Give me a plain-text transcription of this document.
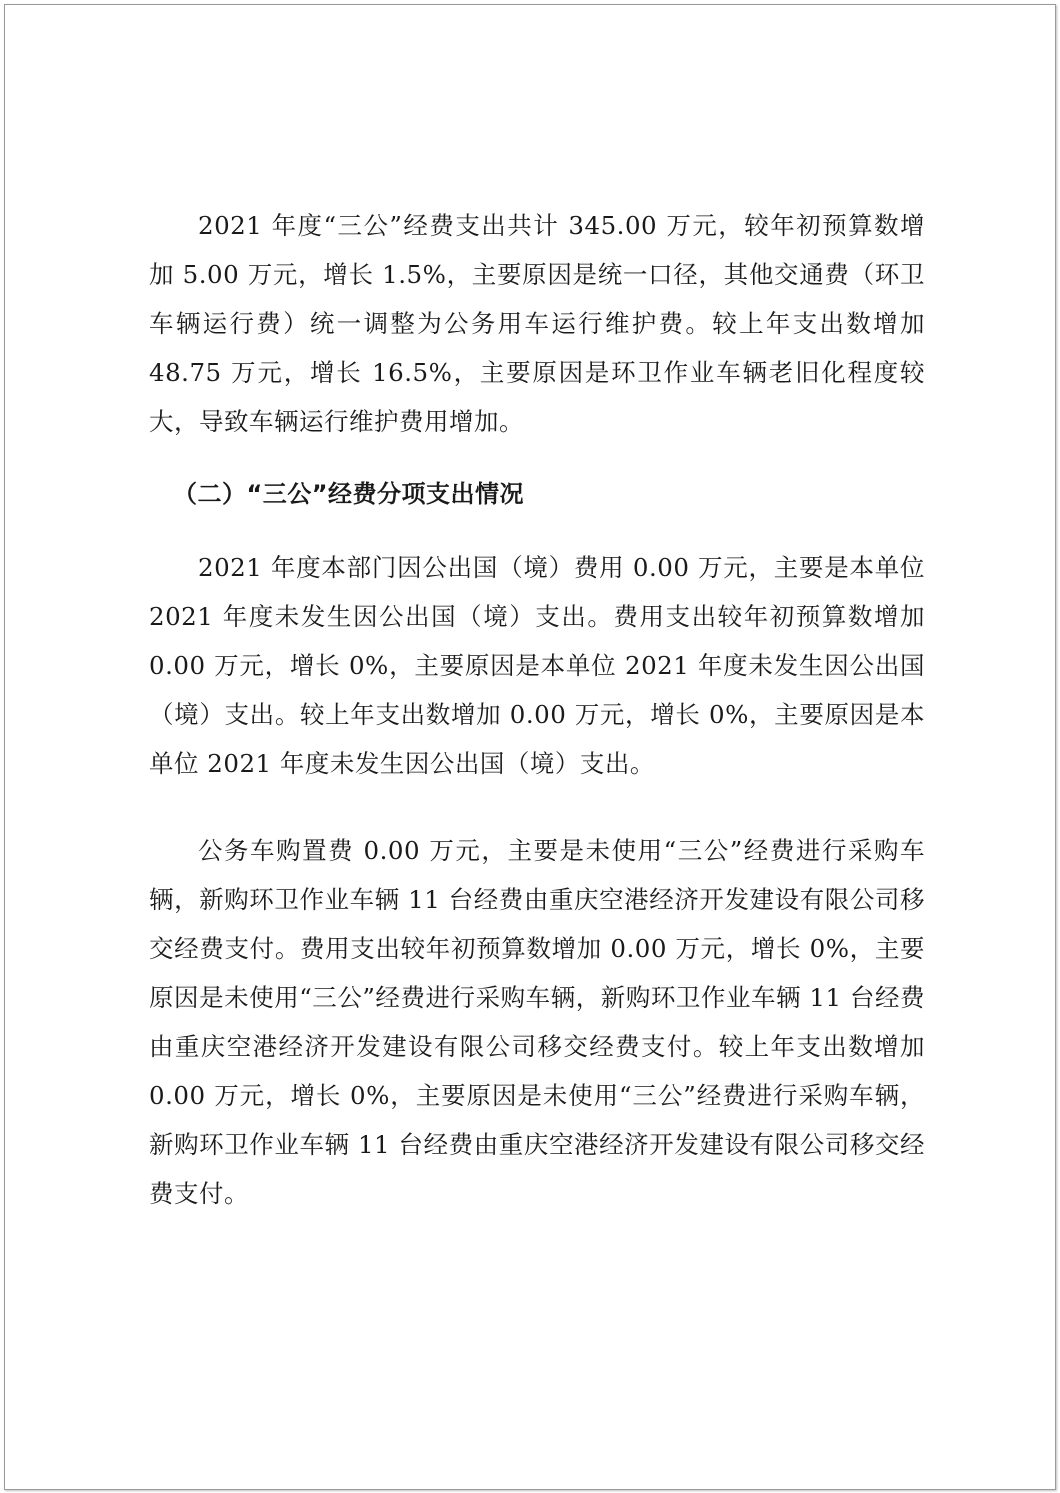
2021 年度“三公”经费支出共计 345.00 万元，较年初预算数增加 5.00 万元，增长 1.5%，主要原因是统一口径，其他交通费（环卫车辆运行费）统一调整为公务用车运行维护费。较上年支出数增加 48.75 万元，增长 16.5%，主要原因是环卫作业车辆老旧化程度较大，导致车辆运行维护费用增加。

（二）“三公”经费分项支出情况

2021 年度本部门因公出国（境）费用 0.00 万元，主要是本单位 2021 年度未发生因公出国（境）支出。费用支出较年初预算数增加 0.00 万元，增长 0%，主要原因是本单位 2021 年度未发生因公出国（境）支出。较上年支出数增加 0.00 万元，增长 0%，主要原因是本单位 2021 年度未发生因公出国（境）支出。

公务车购置费 0.00 万元，主要是未使用“三公”经费进行采购车辆，新购环卫作业车辆 11 台经费由重庆空港经济开发建设有限公司移交经费支付。费用支出较年初预算数增加 0.00 万元，增长 0%，主要原因是未使用“三公”经费进行采购车辆，新购环卫作业车辆 11 台经费由重庆空港经济开发建设有限公司移交经费支付。较上年支出数增加 0.00 万元，增长 0%，主要原因是未使用“三公”经费进行采购车辆，新购环卫作业车辆 11 台经费由重庆空港经济开发建设有限公司移交经费支付。
